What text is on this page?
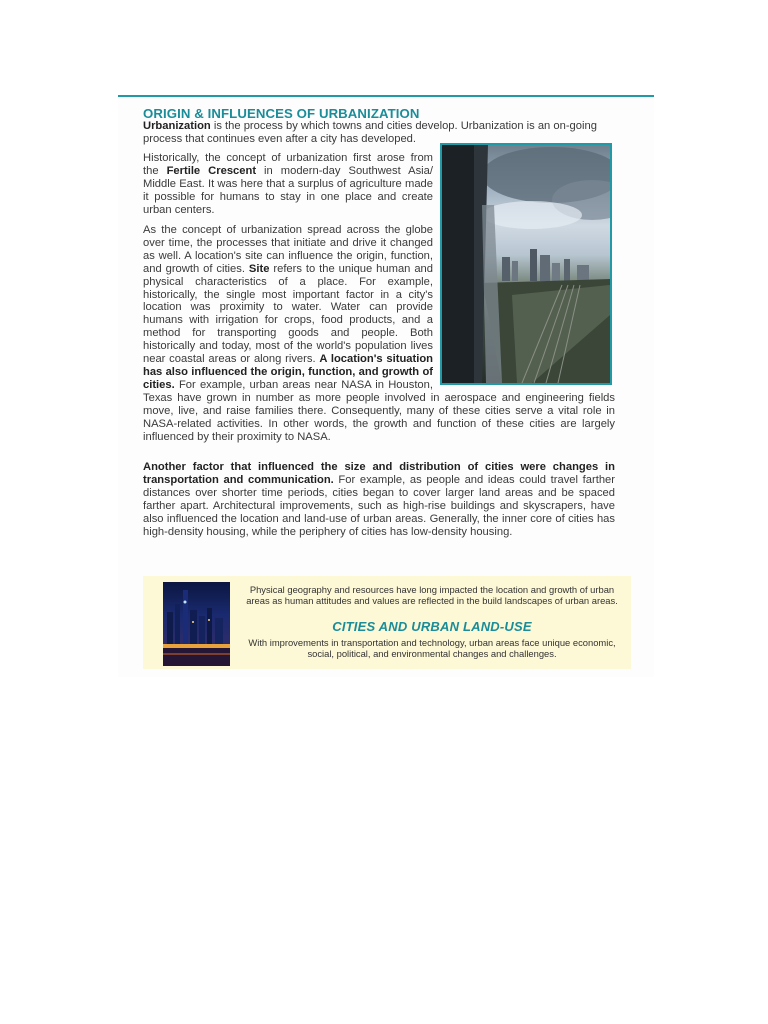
ORIGIN & INFLUENCES OF URBANIZATION

Urbanization is the process by which towns and cities develop. Urbanization is an on-going process that continues even after a city has developed.

Historically, the concept of urbanization first arose from the Fertile Crescent in modern-day Southwest Asia/ Middle East. It was here that a surplus of agriculture made it possible for humans to stay in one place and create urban centers.

As the concept of urbanization spread across the globe over time, the processes that initiate and drive it changed as well. A location's site can influence the origin, function, and growth of cities. Site refers to the unique human and physical characteristics of a place. For example, historically, the single most important factor in a city's location was proximity to water. Water can provide humans with irrigation for crops, food products, and a method for transporting goods and people. Both historically and today, most of the world's population lives near coastal areas or along rivers. A location's situation has also influenced the origin, function, and growth of cities. For example, urban areas near NASA in Houston, Texas have grown in number as more people involved in aerospace and engineering fields move, live, and raise families there. Consequently, many of these cities serve a vital role in NASA-related activities. In other words, the growth and function of these cities are largely influenced by their proximity to NASA.

Another factor that influenced the size and distribution of cities were changes in transportation and communication. For example, as people and ideas could travel farther distances over shorter time periods, cities began to cover larger land areas and be spaced farther apart. Architectural improvements, such as high-rise buildings and skyscrapers, have also influenced the location and land-use of urban areas. Generally, the inner core of cities has high-density housing, while the periphery of cities has low-density housing.

Physical geography and resources have long impacted the location and growth of urban areas as human attitudes and values are reflected in the build landscapes of urban areas.

CITIES AND URBAN LAND-USE

With improvements in transportation and technology, urban areas face unique economic, social, political, and environmental changes and challenges.
